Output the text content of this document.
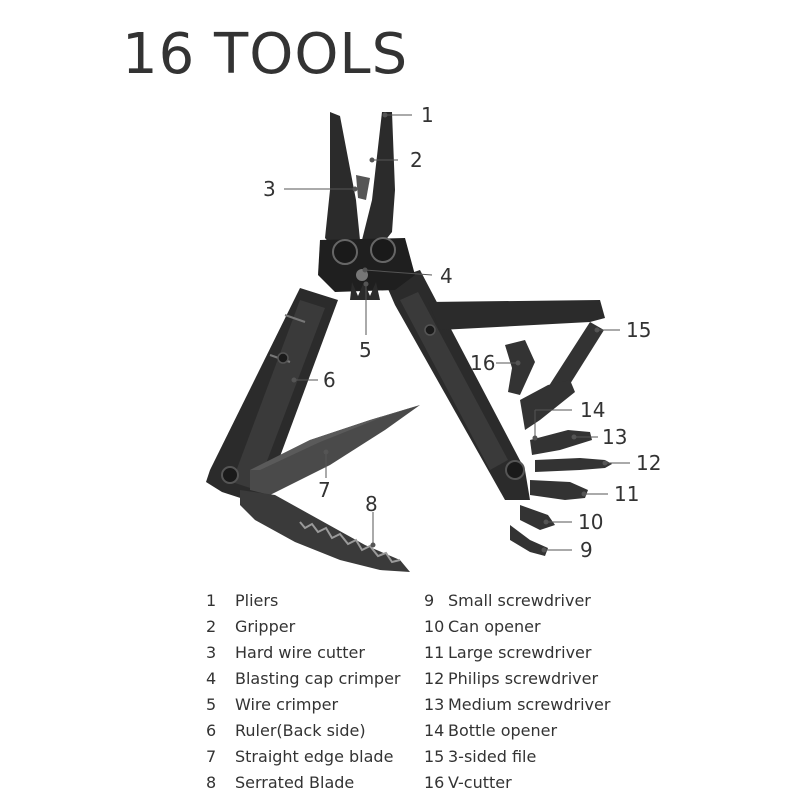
16 TOOLS
1
2
3
4
5
6
7
8
9
10
11
12
13
14
15
16
1 Pliers
2 Gripper
3 Hard wire cutter
4 Blasting cap crimper
5 Wire crimper
6 Ruler(Back side)
7 Straight edge blade
8 Serrated Blade
9 Small screwdriver
10 Can opener
11 Large screwdriver
12 Philips screwdriver
13 Medium screwdriver
14 Bottle opener
15 3-sided file
16 V-cutter
